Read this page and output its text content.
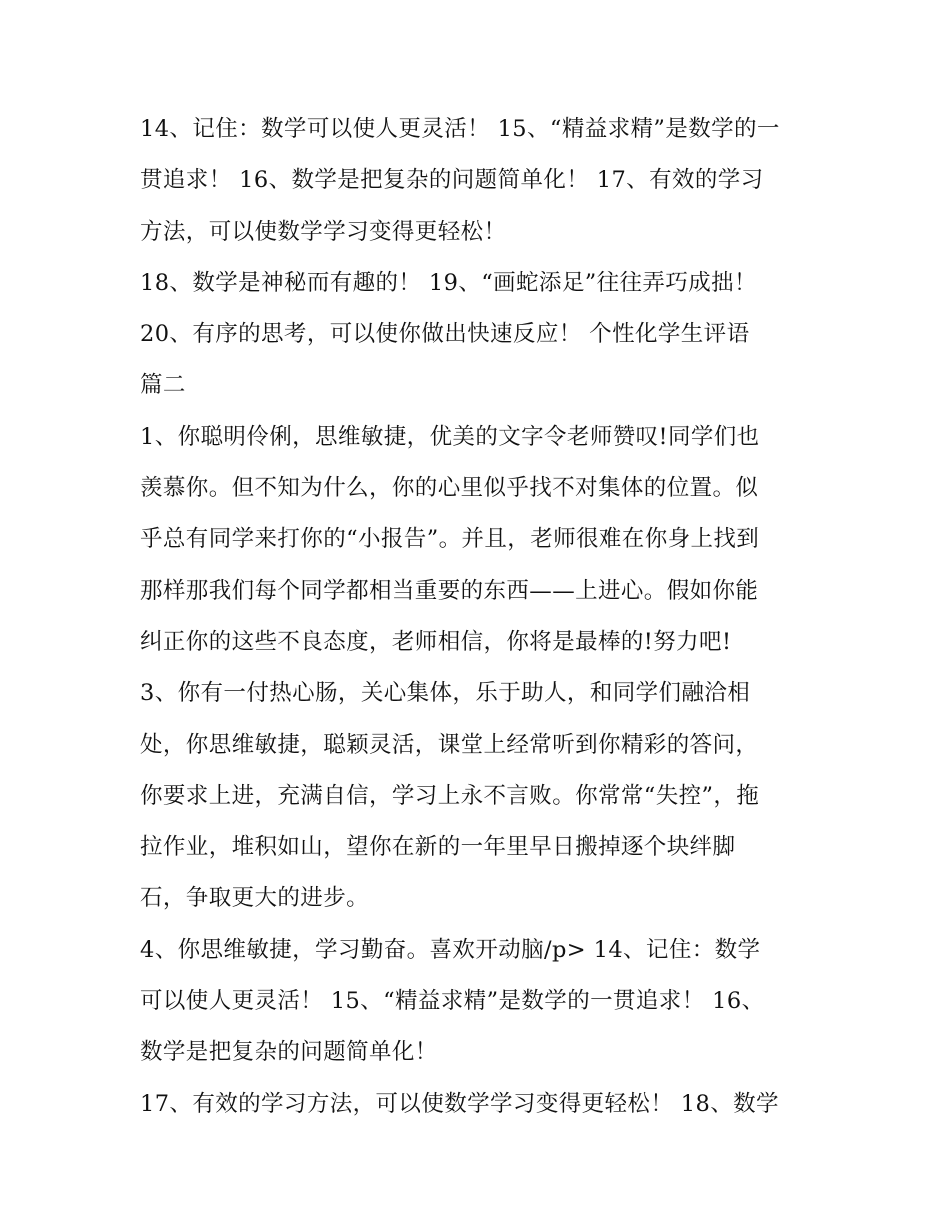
14、记住：数学可以使人更灵活！ 15、“精益求精”是数学的一
贯追求！ 16、数学是把复杂的问题简单化！ 17、有效的学习
方法，可以使数学学习变得更轻松！

18、数学是神秘而有趣的！ 19、“画蛇添足”往往弄巧成拙！

20、有序的思考，可以使你做出快速反应！ 个性化学生评语
篇二

1、你聪明伶俐，思维敏捷，优美的文字令老师赞叹!同学们也
羡慕你。但不知为什么，你的心里似乎找不对集体的位置。似
乎总有同学来打你的“小报告”。并且，老师很难在你身上找到
那样那我们每个同学都相当重要的东西——上进心。假如你能
纠正你的这些不良态度，老师相信，你将是最棒的!努力吧!

3、你有一付热心肠，关心集体，乐于助人，和同学们融洽相
处，你思维敏捷，聪颖灵活，课堂上经常听到你精彩的答问，
你要求上进，充满自信，学习上永不言败。你常常“失控”，拖
拉作业，堆积如山，望你在新的一年里早日搬掉逐个块绊脚
石，争取更大的进步。

4、你思维敏捷，学习勤奋。喜欢开动脑/p> 14、记住：数学
可以使人更灵活！ 15、“精益求精”是数学的一贯追求！ 16、
数学是把复杂的问题简单化！

17、有效的学习方法，可以使数学学习变得更轻松！ 18、数学
